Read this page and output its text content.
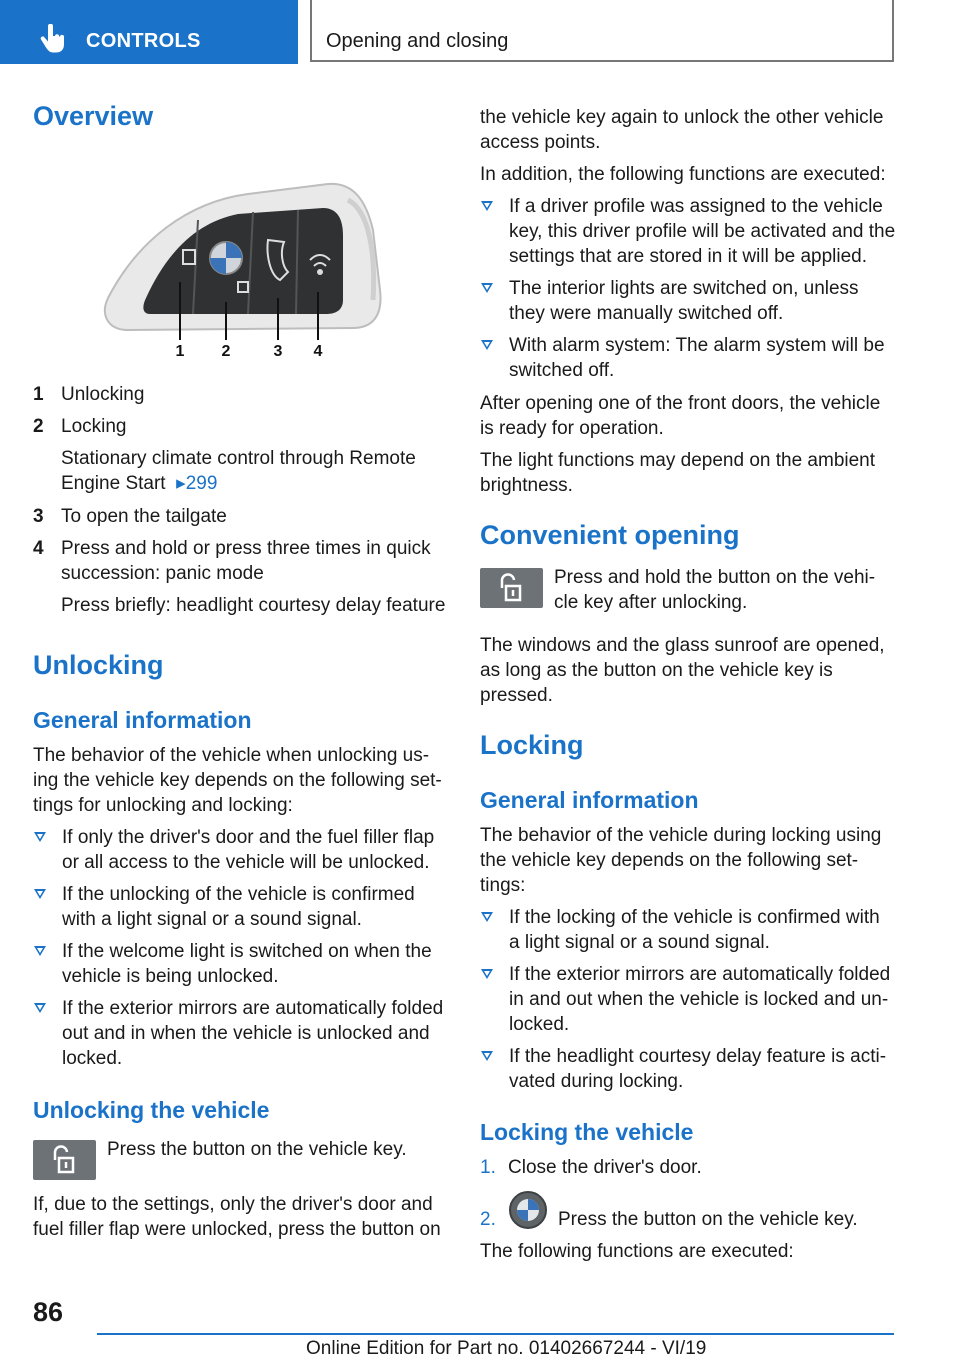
CONTROLS	Opening and closing
Overview
1 2	3 4
1 Unlocking
2 Locking
Stationary climate control through Remote
Engine Start ▸299
3 To open the tailgate
4 Press and hold or press three times in quick
succession: panic mode
Press briefly: headlight courtesy delay feature
Unlocking
General information
The behavior of the vehicle when unlocking us-
ing the vehicle key depends on the following set-
tings for unlocking and locking:
If only the driver's door and the fuel filler flap
or all access to the vehicle will be unlocked.
If the unlocking of the vehicle is confirmed
with a light signal or a sound signal.
If the welcome light is switched on when the
vehicle is being unlocked.
If the exterior mirrors are automatically folded
out and in when the vehicle is unlocked and
locked.
Unlocking the vehicle
Press the button on the vehicle key.
If, due to the settings, only the driver's door and
fuel filler flap were unlocked, press the button on
the vehicle key again to unlock the other vehicle
access points.
In addition, the following functions are executed:
If a driver profile was assigned to the vehicle
key, this driver profile will be activated and the
settings that are stored in it will be applied.
The interior lights are switched on, unless
they were manually switched off.
With alarm system: The alarm system will be
switched off.
After opening one of the front doors, the vehicle
is ready for operation.
The light functions may depend on the ambient
brightness.
Convenient opening
Press and hold the button on the vehi-
cle key after unlocking.
The windows and the glass sunroof are opened,
as long as the button on the vehicle key is
pressed.
Locking
General information
The behavior of the vehicle during locking using
the vehicle key depends on the following set-
tings:
If the locking of the vehicle is confirmed with
a light signal or a sound signal.
If the exterior mirrors are automatically folded
in and out when the vehicle is locked and un-
locked.
If the headlight courtesy delay feature is acti-
vated during locking.
Locking the vehicle
1. Close the driver's door.
2.	Press the button on the vehicle key.
The following functions are executed:
86
Online Edition for Part no. 01402667244 - VI/19
